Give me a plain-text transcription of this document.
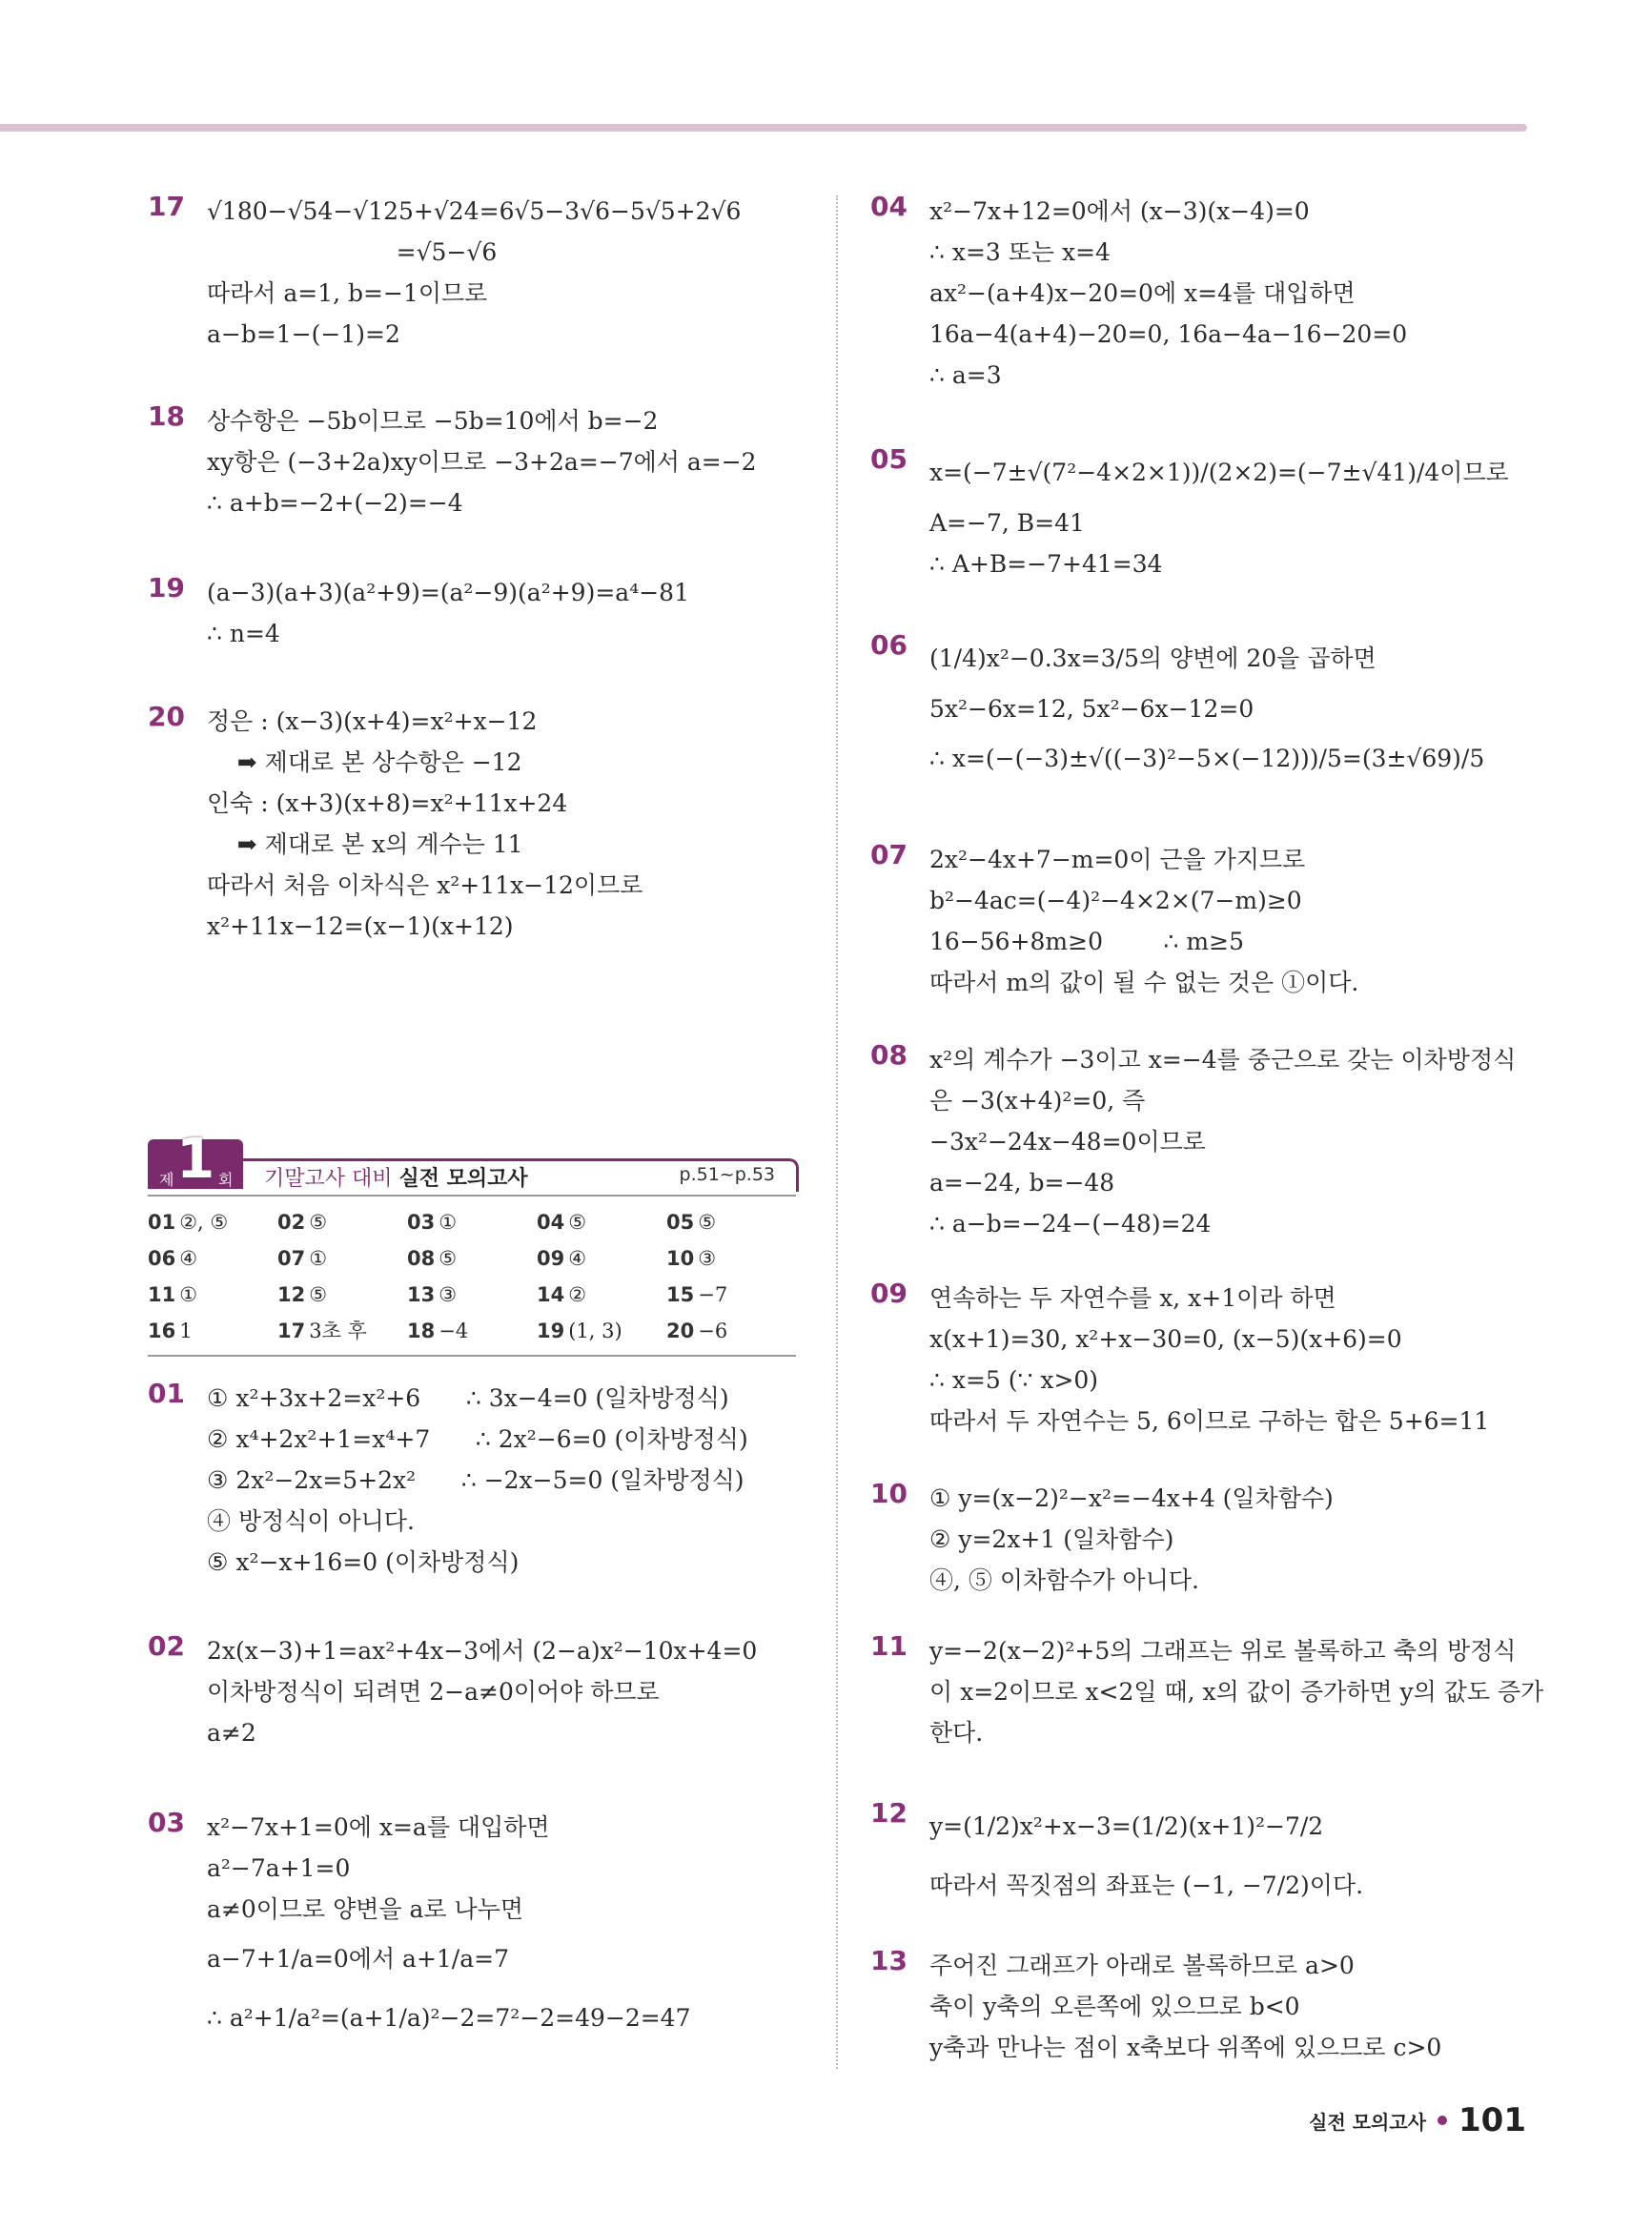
제 1 회 기말고사 대비 실전 모의고사	p.51~p.53
01 ②, ⑤	02 ⑤	03 ①	04 ⑤	05 ⑤
06 ④	07 ①	08 ⑤	09 ④	10 ③
11 ①	12 ⑤	13 ③	14 ②	15 −7
16 1	17 3초 후	18 −4	19 (1, 3)	20 −6
17 √180−√54−√125+√24=6√5−3√6−5√5+2√6
=√5−√6
따라서 a=1, b=−1이므로
a−b=1−(−1)=2
18 상수항은 −5b이므로 −5b=10에서 b=−2
xy항은 (−3+2a)xy이므로 −3+2a=−7에서 a=−2
∴ a+b=−2+(−2)=−4
19 (a−3)(a+3)(a²+9)=(a²−9)(a²+9)=a⁴−81
∴ n=4
20 정은 : (x−3)(x+4)=x²+x−12
➡ 제대로 본 상수항은 −12
인숙 : (x+3)(x+8)=x²+11x+24
➡ 제대로 본 x의 계수는 11
따라서 처음 이차식은 x²+11x−12이므로
x²+11x−12=(x−1)(x+12)
01 ① x²+3x+2=x²+6      ∴ 3x−4=0 (일차방정식)
② x⁴+2x²+1=x⁴+7      ∴ 2x²−6=0 (이차방정식)
③ 2x²−2x=5+2x²      ∴ −2x−5=0 (일차방정식)
④ 방정식이 아니다.
⑤ x²−x+16=0 (이차방정식)
02 2x(x−3)+1=ax²+4x−3에서 (2−a)x²−10x+4=0
이차방정식이 되려면 2−a≠0이어야 하므로
a≠2
03 x²−7x+1=0에 x=a를 대입하면
a²−7a+1=0
a≠0이므로 양변을 a로 나누면
a−7+1/a=0에서 a+1/a=7
∴ a²+1/a²=(a+1/a)²−2=7²−2=49−2=47
04 x²−7x+12=0에서 (x−3)(x−4)=0
∴ x=3 또는 x=4
ax²−(a+4)x−20=0에 x=4를 대입하면
16a−4(a+4)−20=0, 16a−4a−16−20=0
∴ a=3
05 x=(−7±√(7²−4×2×1))/(2×2)=(−7±√41)/4이므로
A=−7, B=41
∴ A+B=−7+41=34
06 (1/4)x²−0.3x=3/5의 양변에 20을 곱하면
5x²−6x=12, 5x²−6x−12=0
∴ x=(−(−3)±√((−3)²−5×(−12)))/5=(3±√69)/5
07 2x²−4x+7−m=0이 근을 가지므로
b²−4ac=(−4)²−4×2×(7−m)≥0
16−56+8m≥0        ∴ m≥5
따라서 m의 값이 될 수 없는 것은 ①이다.
08 x²의 계수가 −3이고 x=−4를 중근으로 갖는 이차방정식
은 −3(x+4)²=0, 즉
−3x²−24x−48=0이므로
a=−24, b=−48
∴ a−b=−24−(−48)=24
09 연속하는 두 자연수를 x, x+1이라 하면
x(x+1)=30, x²+x−30=0, (x−5)(x+6)=0
∴ x=5 (∵ x>0)
따라서 두 자연수는 5, 6이므로 구하는 합은 5+6=11
10 ① y=(x−2)²−x²=−4x+4 (일차함수)
② y=2x+1 (일차함수)
④, ⑤ 이차함수가 아니다.
11 y=−2(x−2)²+5의 그래프는 위로 볼록하고 축의 방정식
이 x=2이므로 x<2일 때, x의 값이 증가하면 y의 값도 증가
한다.
12 y=(1/2)x²+x−3=(1/2)(x+1)²−7/2
따라서 꼭짓점의 좌표는 (−1, −7/2)이다.
13 주어진 그래프가 아래로 볼록하므로 a>0
축이 y축의 오른쪽에 있으므로 b<0
y축과 만나는 점이 x축보다 위쪽에 있으므로 c>0
실전 모의고사 101
